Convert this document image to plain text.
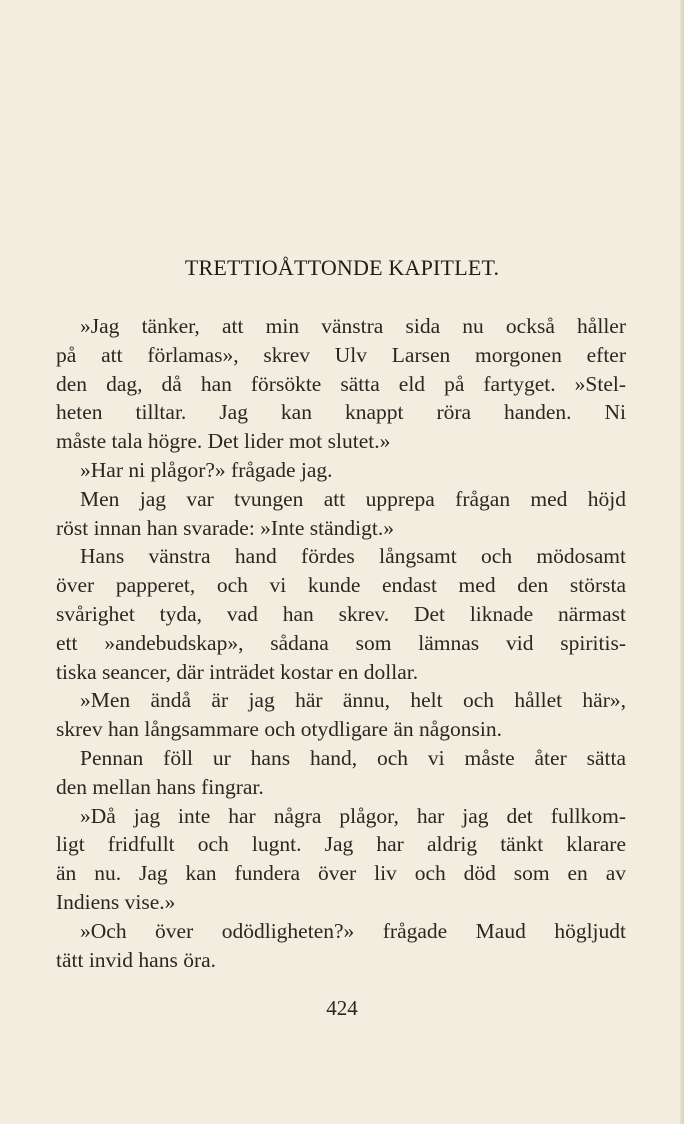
TRETTIOÅTTONDE KAPITLET.
»Jag tänker, att min vänstra sida nu också håller
på att förlamas», skrev Ulv Larsen morgonen efter
den dag, då han försökte sätta eld på fartyget. »Stel-
heten tilltar. Jag kan knappt röra handen. Ni
måste tala högre. Det lider mot slutet.»
»Har ni plågor?» frågade jag.
Men jag var tvungen att upprepa frågan med höjd
röst innan han svarade: »Inte ständigt.»
Hans vänstra hand fördes långsamt och mödosamt
över papperet, och vi kunde endast med den största
svårighet tyda, vad han skrev. Det liknade närmast
ett »andebudskap», sådana som lämnas vid spiritis-
tiska seancer, där inträdet kostar en dollar.
»Men ändå är jag här ännu, helt och hållet här»,
skrev han långsammare och otydligare än någonsin.
Pennan föll ur hans hand, och vi måste åter sätta
den mellan hans fingrar.
»Då jag inte har några plågor, har jag det fullkom-
ligt fridfullt och lugnt. Jag har aldrig tänkt klarare
än nu. Jag kan fundera över liv och död som en av
Indiens vise.»
»Och över odödligheten?» frågade Maud högljudt
tätt invid hans öra.
424
